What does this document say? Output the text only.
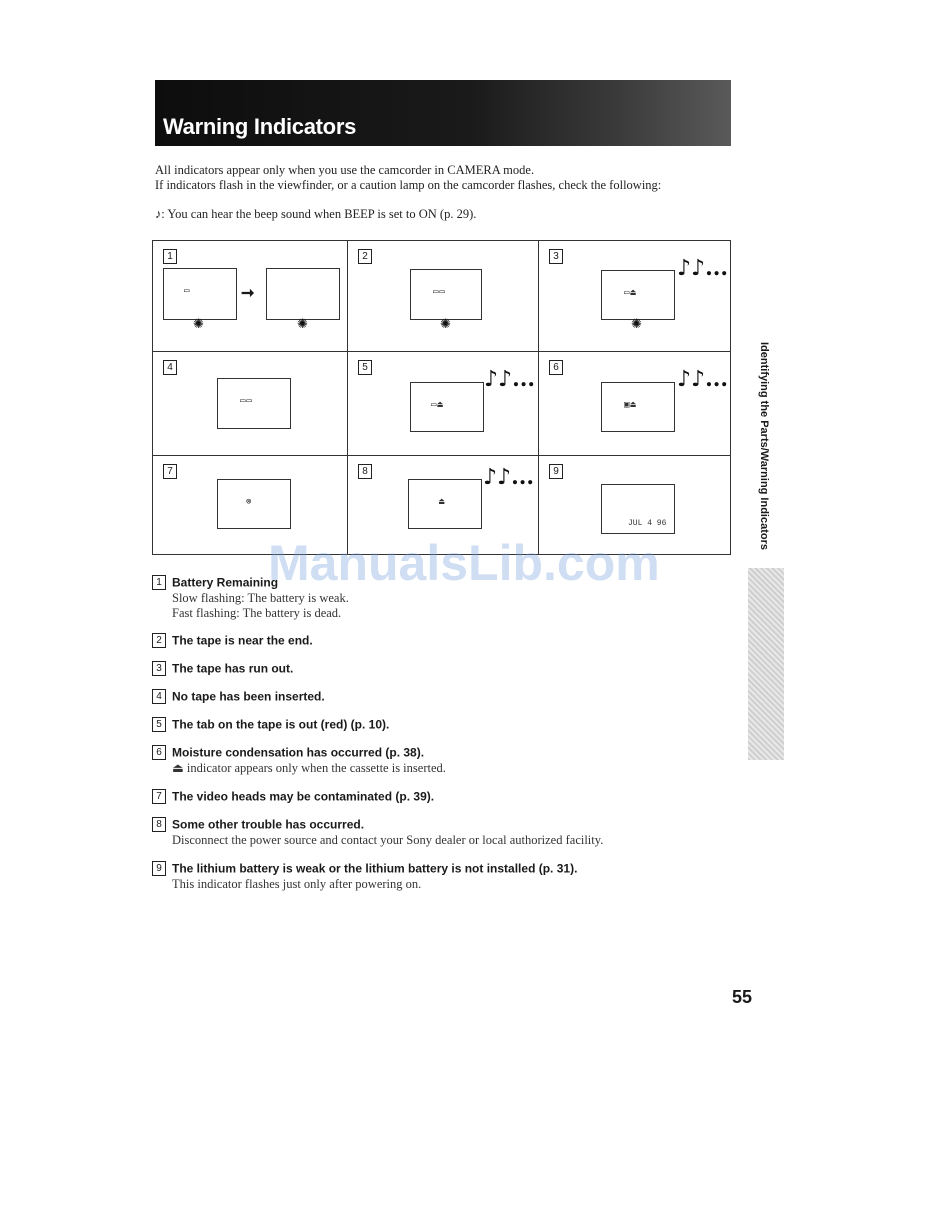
Warning Indicators
All indicators appear only when you use the camcorder in CAMERA mode.
If indicators flash in the viewfinder, or a caution lamp on the camcorder flashes, check the following:
♪: You can hear the beep sound when BEEP is set to ON (p. 29).
1
▭	➞
✺	✺
2
▭▭
✺
3
▭⏏
♪♪...
✺
4
▭▭
5
▭⏏
♪♪...	6
▣⏏
♪♪...
7
⊗
8
⏏
♪♪...	9
JUL 4 96
ManualsLib.com
1 Battery Remaining
Slow flashing: The battery is weak.
Fast flashing: The battery is dead.
2 The tape is near the end.
3 The tape has run out.
4 No tape has been inserted.
5 The tab on the tape is out (red) (p. 10).
6 Moisture condensation has occurred (p. 38).
⏏ indicator appears only when the cassette is inserted.
7 The video heads may be contaminated (p. 39).
8 Some other trouble has occurred.
Disconnect the power source and contact your Sony dealer or local authorized facility.
9 The lithium battery is weak or the lithium battery is not installed (p. 31).
This indicator flashes just only after powering on.
Identifying the Parts/Warning Indicators
55
